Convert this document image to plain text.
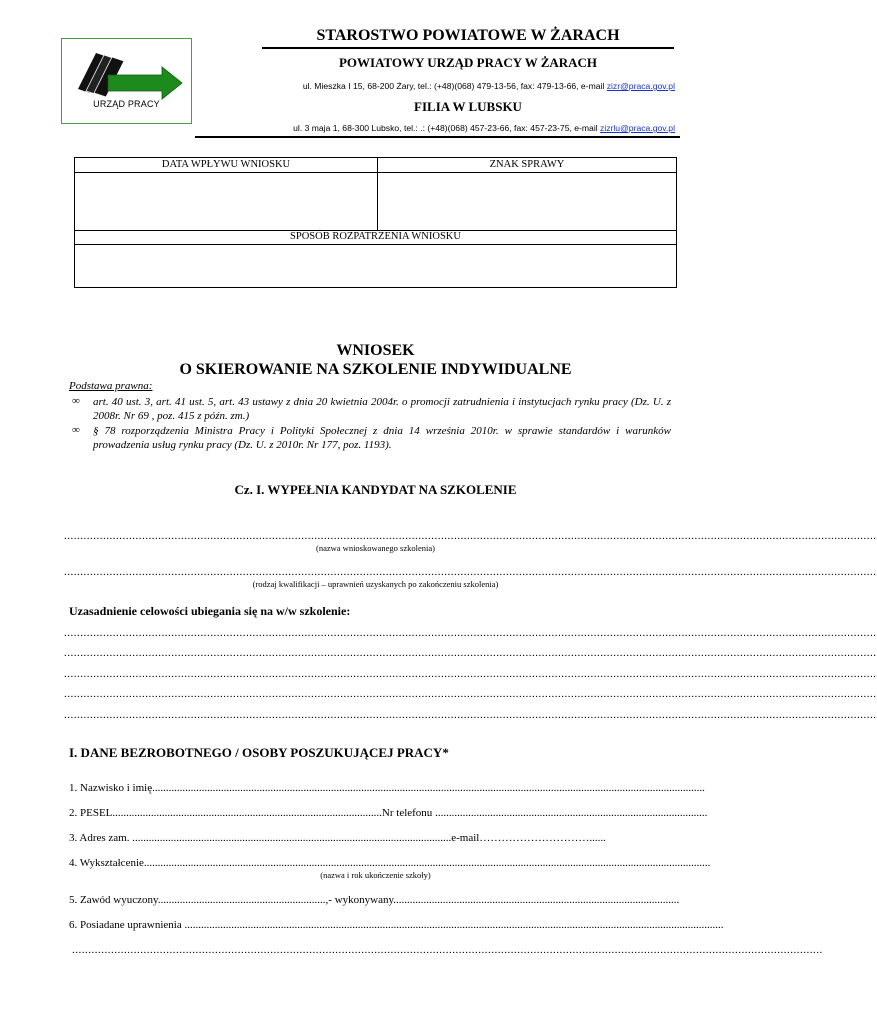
URZĄD PRACY
STAROSTWO POWIATOWE W ŻARACH
POWIATOWY URZĄD PRACY W ŻARACH
ul. Mieszka I 15, 68-200 Żary, tel.: (+48)(068) 479-13-56, fax: 479-13-66, e-mail zizr@praca.gov.pl
FILIA W LUBSKU
ul. 3 maja 1, 68-300 Lubsko, tel.: .: (+48)(068) 457-23-66, fax: 457-23-75, e-mail zizrlu@praca.gov.pl
DATA WPŁYWU WNIOSKU	ZNAK SPRAWY
SPOSÓB ROZPATRZENIA WNIOSKU
WNIOSEK
O SKIEROWANIE NA SZKOLENIE INDYWIDUALNE
Podstawa prawna:
∞ art. 40 ust. 3, art. 41 ust. 5, art. 43 ustawy z dnia 20 kwietnia 2004r. o promocji zatrudnienia i instytucjach rynku pracy (Dz. U. z 2008r. Nr 69 , poz. 415 z późn. zm.)
∞ § 78 rozporządzenia Ministra Pracy i Polityki Społecznej z dnia 14 września 2010r. w sprawie standardów i warunków prowadzenia usług rynku pracy (Dz. U. z 2010r. Nr 177, poz. 1193).
Cz. I. WYPEŁNIA KANDYDAT NA SZKOLENIE
..........................................................................................................................................................................................................................................................
(nazwa wnioskowanego szkolenia)
..........................................................................................................................................................................................................................................................
(rodzaj kwalifikacji – uprawnień uzyskanych po zakończeniu szkolenia)
Uzasadnienie celowości ubiegania się na w/w szkolenie:
..........................................................................................................................................................................................................................................................
..........................................................................................................................................................................................................................................................
..........................................................................................................................................................................................................................................................
..........................................................................................................................................................................................................................................................
..........................................................................................................................................................................................................................................................
I. DANE BEZROBOTNEGO / OSOBY POSZUKUJĄCEJ PRACY*
1. Nazwisko i imię.........................................................................................................................................................................................................
2. PESEL..................................................................................................Nr telefonu ...................................................................................................
3. Adres zam. ....................................................................................................................e-mail…………………………......
4. Wykształcenie..............................................................................................................................................................................................................
(nazwa i rok ukończenie szkoły)
5. Zawód wyuczony.............................................................,- wykonywany........................................................................................................
6. Posiadane uprawnienia ....................................................................................................................................................................................................
.......................................................................................................................................................................................................................................
